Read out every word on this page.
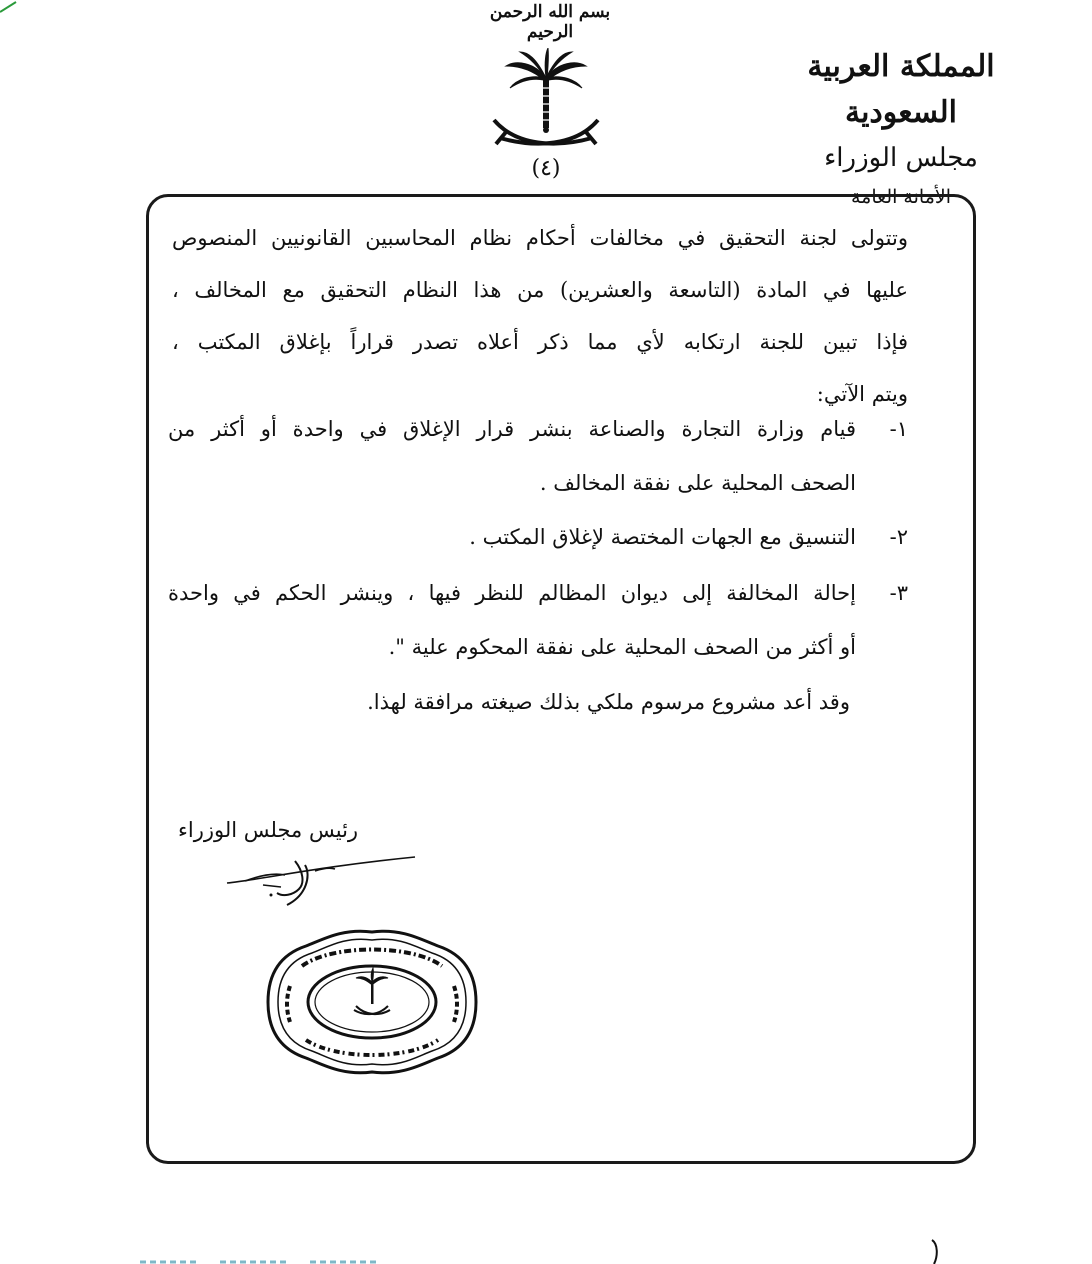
بسم الله الرحمن الرحيم
المملكة العربية السعودية
مجلس الوزراء
الأمانة العامة
(٤)
وتتولى لجنة التحقيق في مخالفات أحكام نظام المحاسبين القانونيين المنصوص
عليها في المادة (التاسعة والعشرين) من هذا النظام التحقيق مع المخالف ،
فإذا تبين للجنة ارتكابه لأي مما ذكر أعلاه تصدر قراراً بإغلاق المكتب ،
ويتم الآتي:
١-
قيام وزارة التجارة والصناعة بنشر قرار الإغلاق في واحدة أو أكثر من
الصحف المحلية على نفقة المخالف .
٢-
التنسيق مع الجهات المختصة لإغلاق المكتب .
٣-
إحالة المخالفة إلى ديوان المظالم للنظر فيها ، وينشر الحكم في واحدة
أو أكثر من الصحف المحلية على نفقة المحكوم علية ".
وقد أعد مشروع مرسوم ملكي بذلك صيغته مرافقة لهذا.
رئيس مجلس الوزراء
